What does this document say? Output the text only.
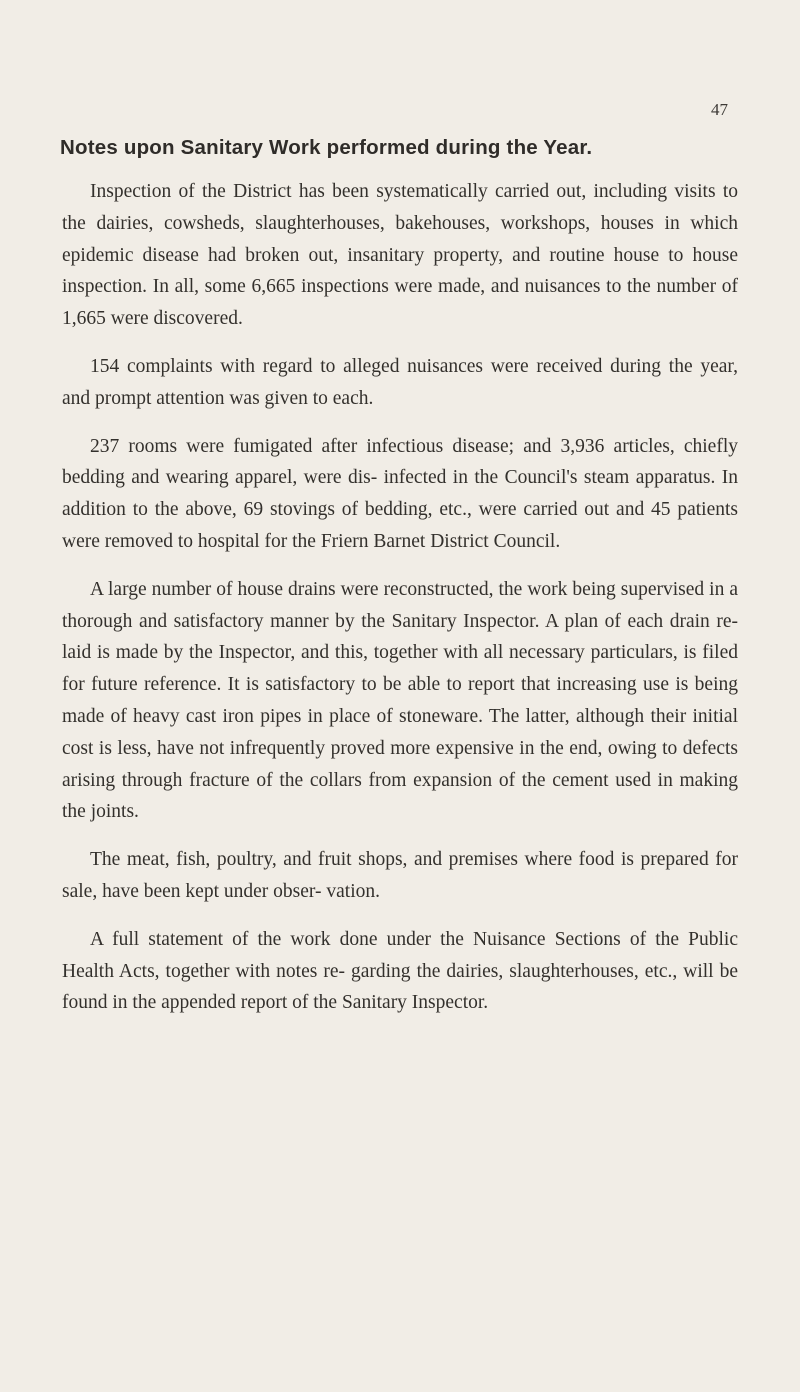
47
Notes upon Sanitary Work performed during the Year.

Inspection of the District has been systematically carried out, including visits to the dairies, cowsheds, slaughterhouses, bakehouses, workshops, houses in which epidemic disease had broken out, insanitary property, and routine house to house inspection. In all, some 6,665 inspections were made, and nuisances to the number of 1,665 were discovered.

154 complaints with regard to alleged nuisances were received during the year, and prompt attention was given to each.

237 rooms were fumigated after infectious disease; and 3,936 articles, chiefly bedding and wearing apparel, were dis- infected in the Council's steam apparatus. In addition to the above, 69 stovings of bedding, etc., were carried out and 45 patients were removed to hospital for the Friern Barnet District Council.

A large number of house drains were reconstructed, the work being supervised in a thorough and satisfactory manner by the Sanitary Inspector. A plan of each drain re-laid is made by the Inspector, and this, together with all necessary particulars, is filed for future reference. It is satisfactory to be able to report that increasing use is being made of heavy cast iron pipes in place of stoneware. The latter, although their initial cost is less, have not infrequently proved more expensive in the end, owing to defects arising through fracture of the collars from expansion of the cement used in making the joints.

The meat, fish, poultry, and fruit shops, and premises where food is prepared for sale, have been kept under obser- vation.

A full statement of the work done under the Nuisance Sections of the Public Health Acts, together with notes re- garding the dairies, slaughterhouses, etc., will be found in the appended report of the Sanitary Inspector.
